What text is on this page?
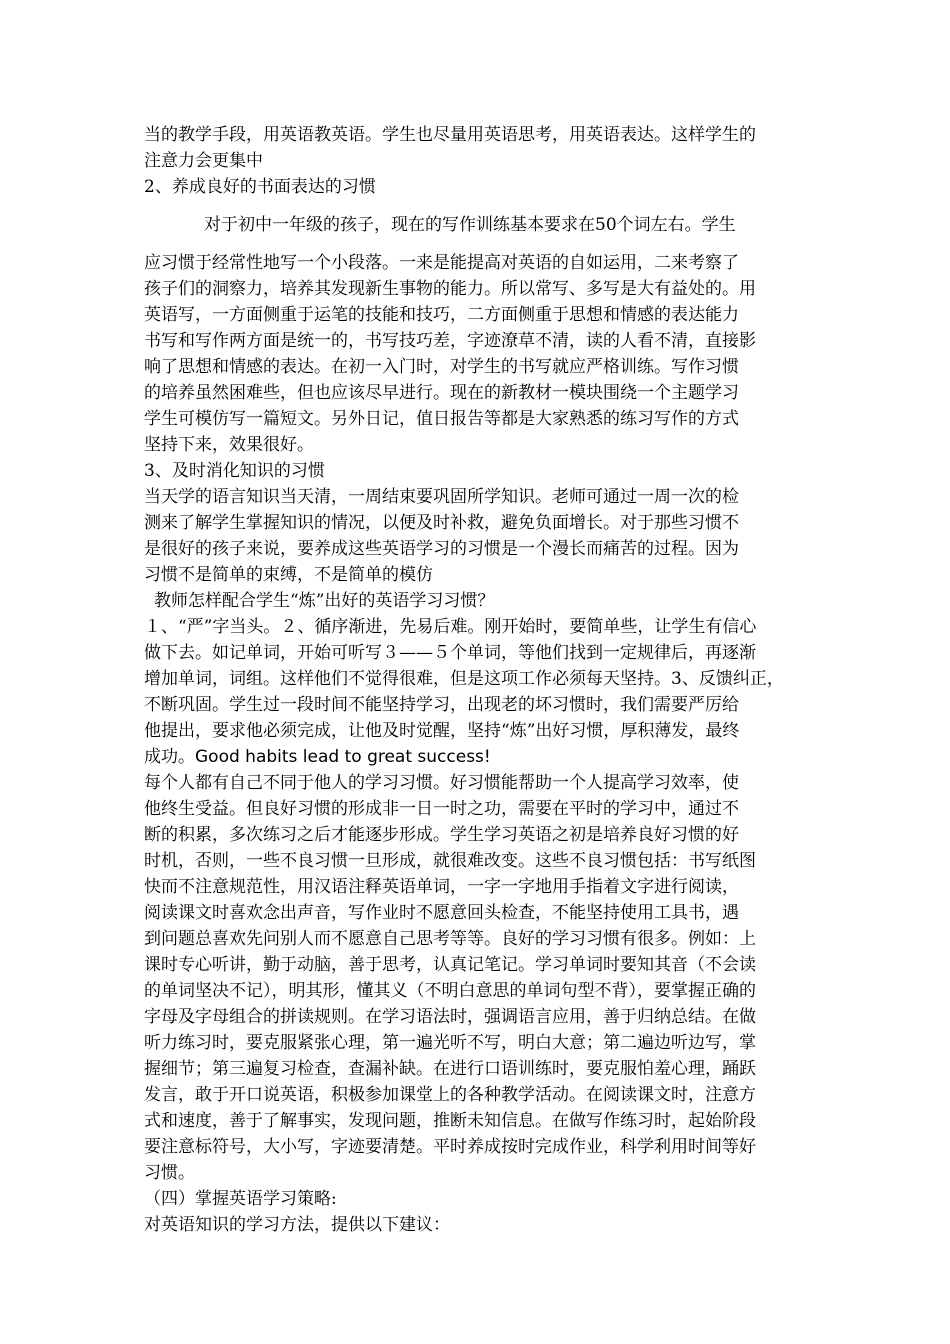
当的教学手段，用英语教英语。学生也尽量用英语思考，用英语表达。这样学生的
注意力会更集中
2、养成良好的书面表达的习惯
对于初中一年级的孩子，现在的写作训练基本要求在50个词左右。学生
应习惯于经常性地写一个小段落。一来是能提高对英语的自如运用，二来考察了
孩子们的洞察力，培养其发现新生事物的能力。所以常写、多写是大有益处的。用
英语写，一方面侧重于运笔的技能和技巧，二方面侧重于思想和情感的表达能力
书写和写作两方面是统一的，书写技巧差，字迹潦草不清，读的人看不清，直接影
响了思想和情感的表达。在初一入门时，对学生的书写就应严格训练。写作习惯
的培养虽然困难些，但也应该尽早进行。现在的新教材一模块围绕一个主题学习
学生可模仿写一篇短文。另外日记，值日报告等都是大家熟悉的练习写作的方式
坚持下来，效果很好。
3、及时消化知识的习惯
当天学的语言知识当天清，一周结束要巩固所学知识。老师可通过一周一次的检
测来了解学生掌握知识的情况，以便及时补救，避免负面增长。对于那些习惯不
是很好的孩子来说，要养成这些英语学习的习惯是一个漫长而痛苦的过程。因为
习惯不是简单的束缚，不是简单的模仿
教师怎样配合学生“炼”出好的英语学习习惯？
１、“严”字当头。２、循序渐进，先易后难。刚开始时，要简单些，让学生有信心
做下去。如记单词，开始可听写３——５个单词，等他们找到一定规律后，再逐渐
增加单词，词组。这样他们不觉得很难，但是这项工作必须每天坚持。3、反馈纠正，
不断巩固。学生过一段时间不能坚持学习，出现老的坏习惯时，我们需要严厉给
他提出，要求他必须完成，让他及时觉醒，坚持“炼”出好习惯，厚积薄发，最终
成功。Good habits lead to great success!
每个人都有自己不同于他人的学习习惯。好习惯能帮助一个人提高学习效率，使
他终生受益。但良好习惯的形成非一日一时之功，需要在平时的学习中，通过不
断的积累，多次练习之后才能逐步形成。学生学习英语之初是培养良好习惯的好
时机，否则，一些不良习惯一旦形成，就很难改变。这些不良习惯包括：书写纸图
快而不注意规范性，用汉语注释英语单词，一字一字地用手指着文字进行阅读，
阅读课文时喜欢念出声音，写作业时不愿意回头检查，不能坚持使用工具书，遇
到问题总喜欢先问别人而不愿意自己思考等等。良好的学习习惯有很多。例如：上
课时专心听讲，勤于动脑，善于思考，认真记笔记。学习单词时要知其音（不会读
的单词坚决不记），明其形，懂其义（不明白意思的单词句型不背），要掌握正确的
字母及字母组合的拼读规则。在学习语法时，强调语言应用，善于归纳总结。在做
听力练习时，要克服紧张心理，第一遍光听不写，明白大意；第二遍边听边写，掌
握细节；第三遍复习检查，查漏补缺。在进行口语训练时，要克服怕羞心理，踊跃
发言，敢于开口说英语，积极参加课堂上的各种教学活动。在阅读课文时，注意方
式和速度，善于了解事实，发现问题，推断未知信息。在做写作练习时，起始阶段
要注意标符号，大小写，字迹要清楚。平时养成按时完成作业，科学利用时间等好
习惯。
（四）掌握英语学习策略:
对英语知识的学习方法，提供以下建议：
